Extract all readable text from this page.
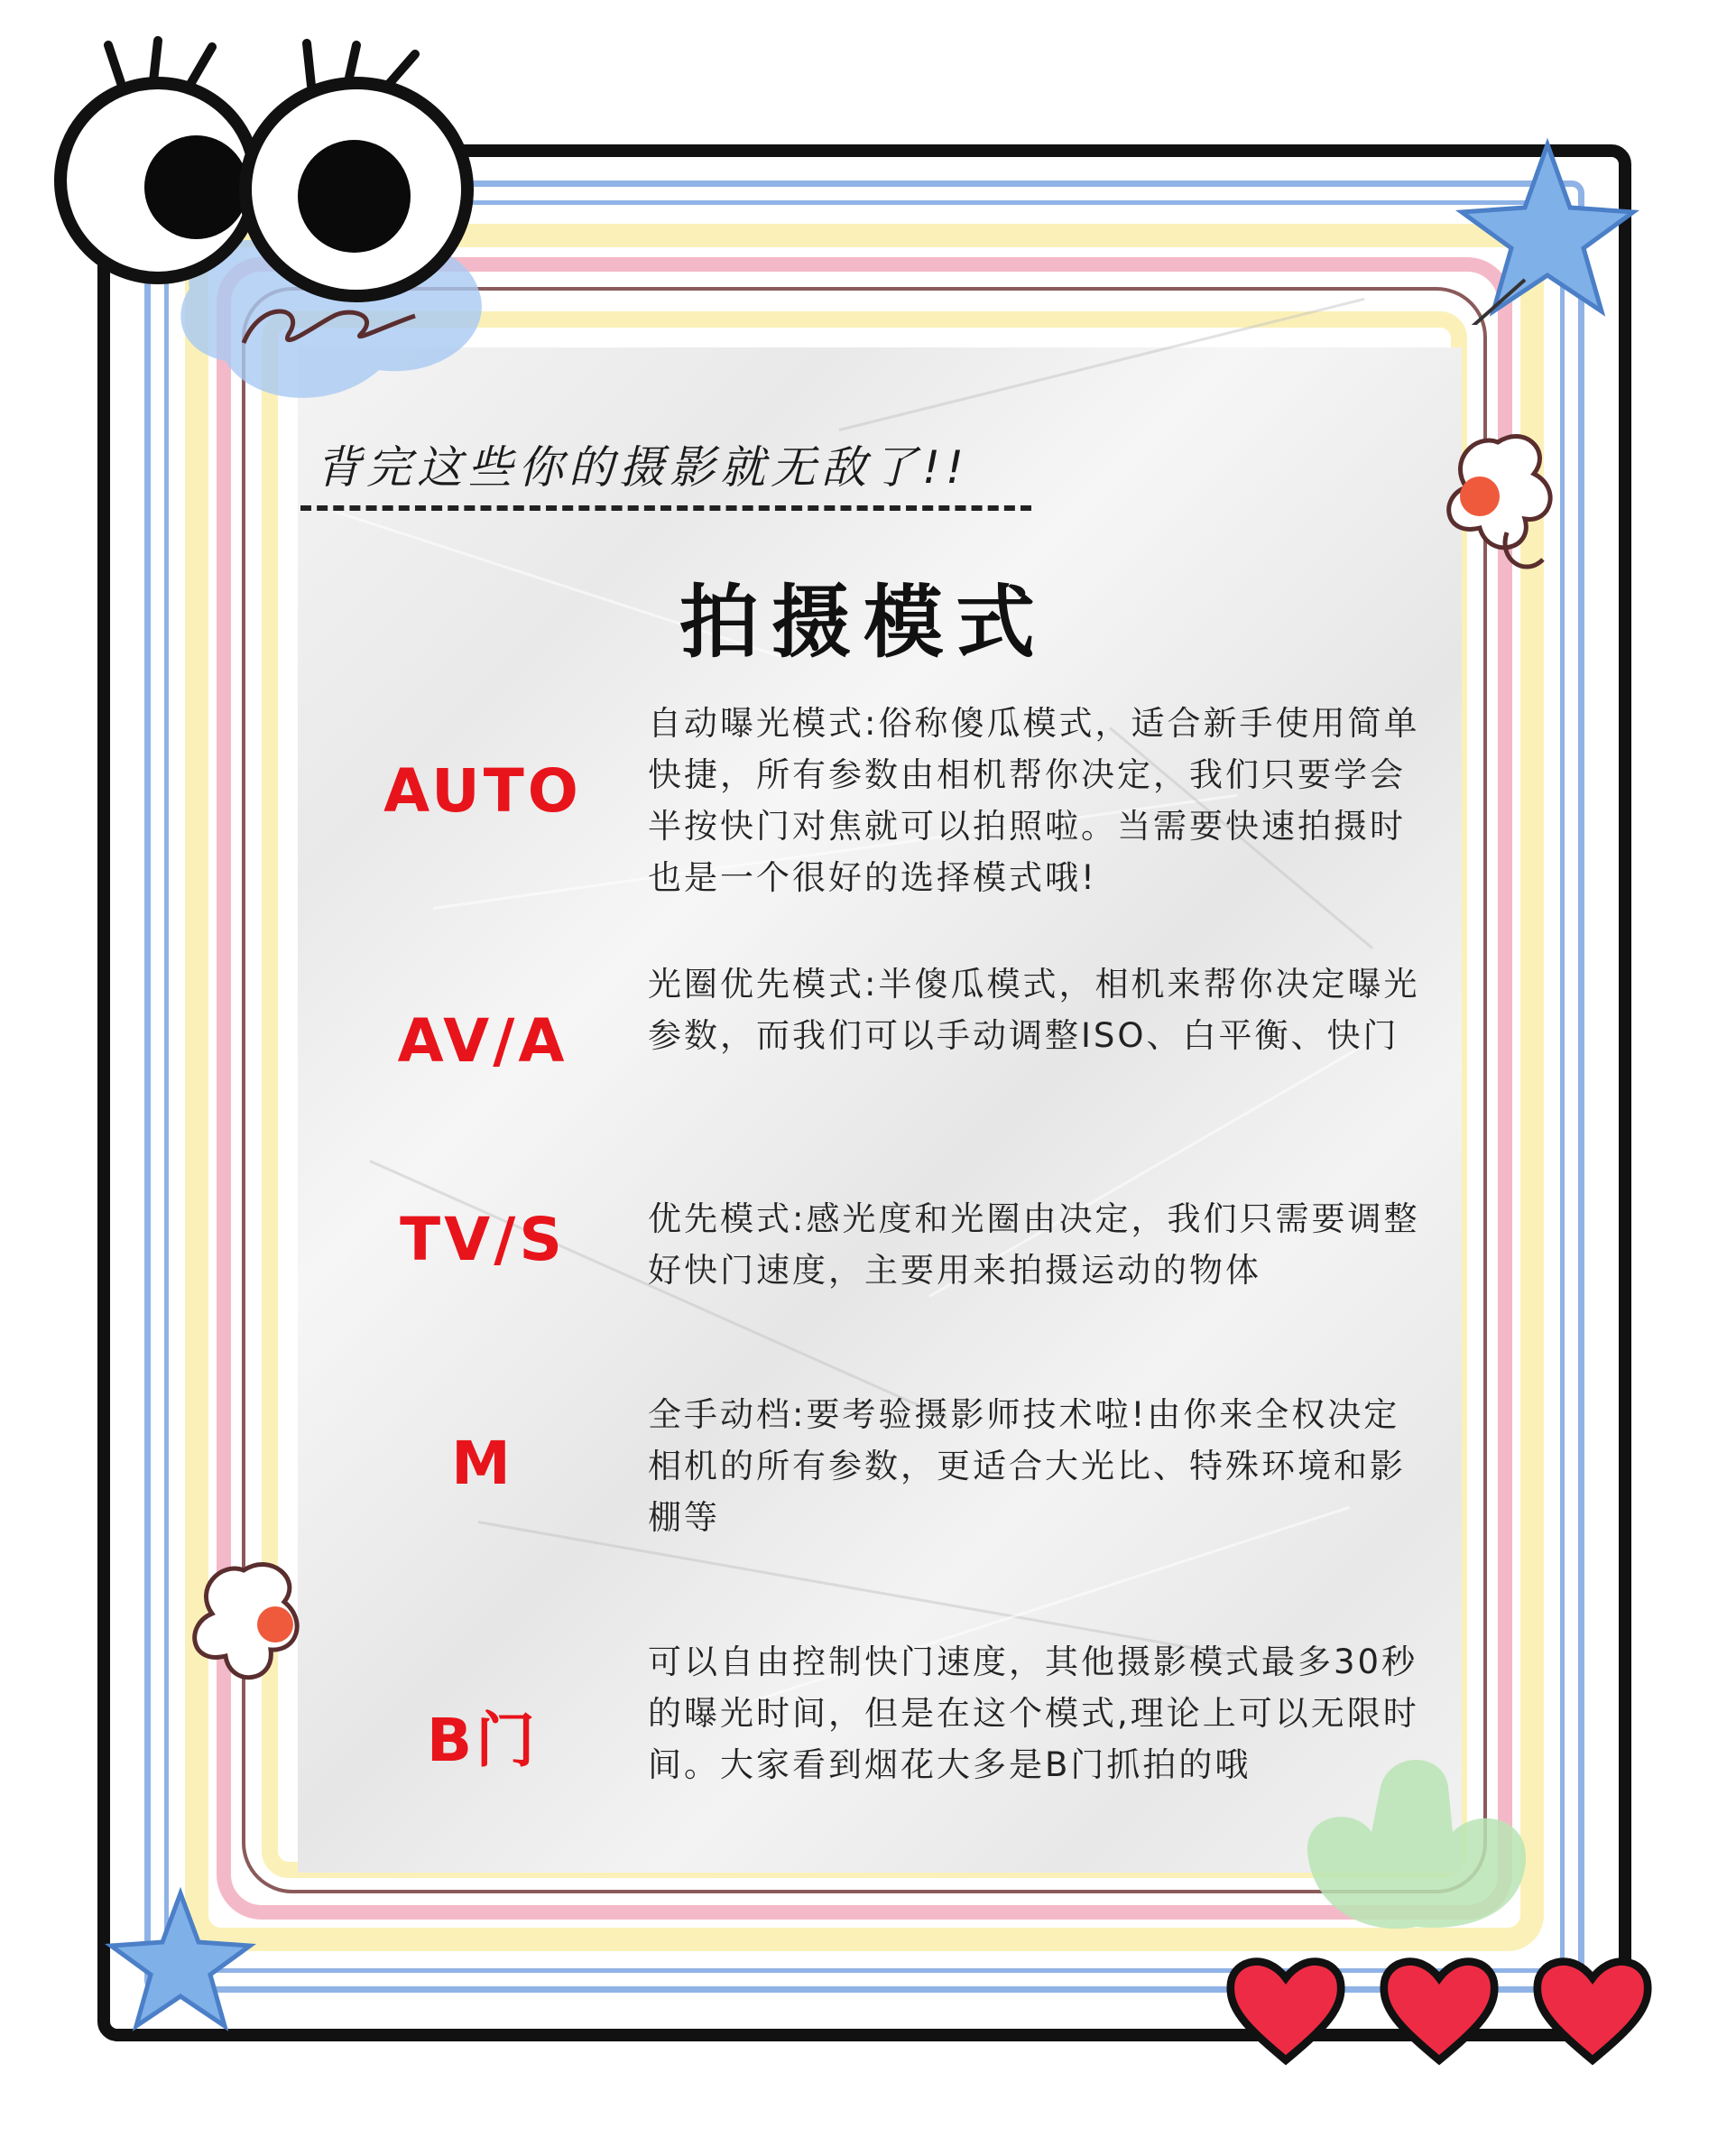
背完这些你的摄影就无敌了!!
拍摄模式
AUTO
自动曝光模式:俗称傻瓜模式，适合新手使用简单快捷，所有参数由相机帮你决定，我们只要学会半按快门对焦就可以拍照啦。当需要快速拍摄时也是一个很好的选择模式哦!
AV/A
光圈优先模式:半傻瓜模式，相机来帮你决定曝光参数，而我们可以手动调整ISO、白平衡、快门
TV/S	优先模式:感光度和光圈由决定，我们只需要调整好快门速度，主要用来拍摄运动的物体
M
全手动档:要考验摄影师技术啦!由你来全权决定相机的所有参数，更适合大光比、特殊环境和影棚等
B门
可以自由控制快门速度，其他摄影模式最多30秒的曝光时间，但是在这个模式,理论上可以无限时间。大家看到烟花大多是B门抓拍的哦
